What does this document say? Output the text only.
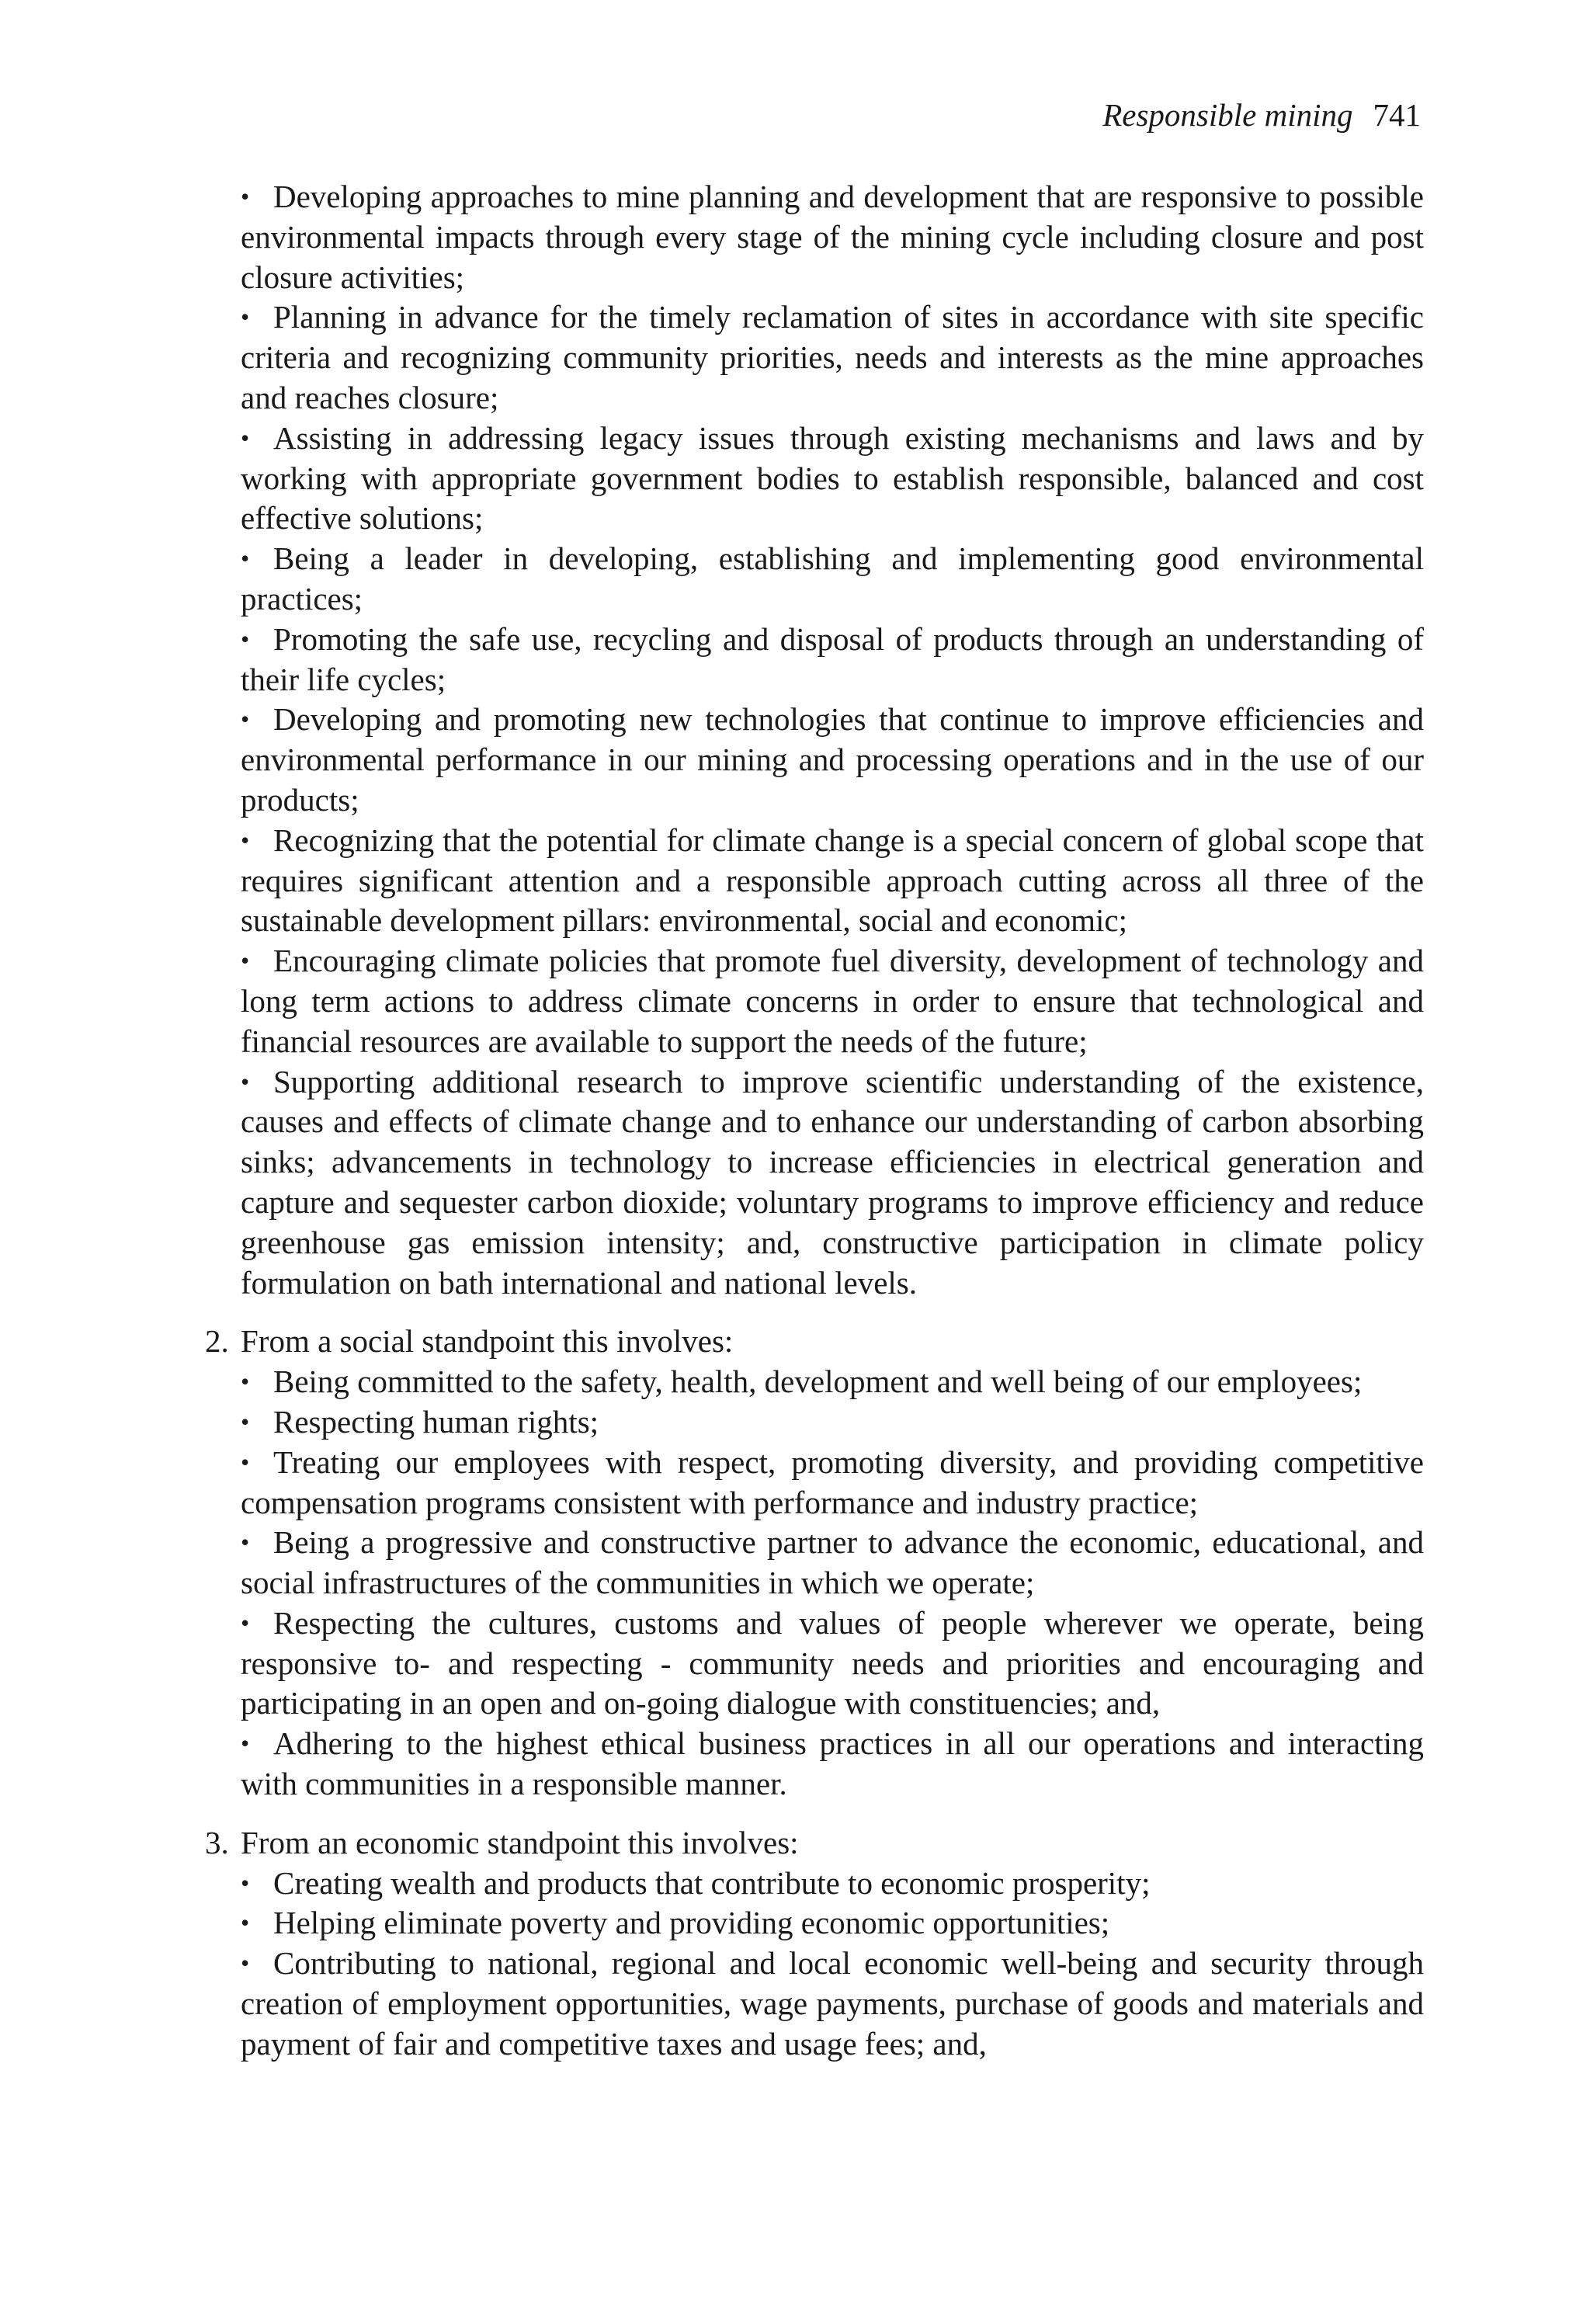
Responsible mining 741

• Developing approaches to mine planning and development that are responsive to possible environmental impacts through every stage of the mining cycle including closure and post closure activities;

• Planning in advance for the timely reclamation of sites in accordance with site specific criteria and recognizing community priorities, needs and interests as the mine approaches and reaches closure;

• Assisting in addressing legacy issues through existing mechanisms and laws and by working with appropriate government bodies to establish responsible, balanced and cost effective solutions;

• Being a leader in developing, establishing and implementing good environmental practices;

• Promoting the safe use, recycling and disposal of products through an understanding of their life cycles;

• Developing and promoting new technologies that continue to improve efficiencies and environmental performance in our mining and processing operations and in the use of our products;

• Recognizing that the potential for climate change is a special concern of global scope that requires significant attention and a responsible approach cutting across all three of the sustainable development pillars: environmental, social and economic;

• Encouraging climate policies that promote fuel diversity, development of technology and long term actions to address climate concerns in order to ensure that technological and financial resources are available to support the needs of the future;

• Supporting additional research to improve scientific understanding of the existence, causes and effects of climate change and to enhance our understanding of carbon absorbing sinks; advancements in technology to increase efficiencies in electrical generation and capture and sequester carbon dioxide; voluntary programs to improve efficiency and reduce greenhouse gas emission intensity; and, constructive participation in climate policy formulation on bath international and national levels.

2. From a social standpoint this involves:

• Being committed to the safety, health, development and well being of our employees;

• Respecting human rights;

• Treating our employees with respect, promoting diversity, and providing competitive compensation programs consistent with performance and industry practice;

• Being a progressive and constructive partner to advance the economic, educational, and social infrastructures of the communities in which we operate;

• Respecting the cultures, customs and values of people wherever we operate, being responsive to- and respecting - community needs and priorities and encouraging and participating in an open and on-going dialogue with constituencies; and,

• Adhering to the highest ethical business practices in all our operations and interacting with communities in a responsible manner.

3. From an economic standpoint this involves:

• Creating wealth and products that contribute to economic prosperity;

• Helping eliminate poverty and providing economic opportunities;

• Contributing to national, regional and local economic well-being and security through creation of employment opportunities, wage payments, purchase of goods and materials and payment of fair and competitive taxes and usage fees; and,
